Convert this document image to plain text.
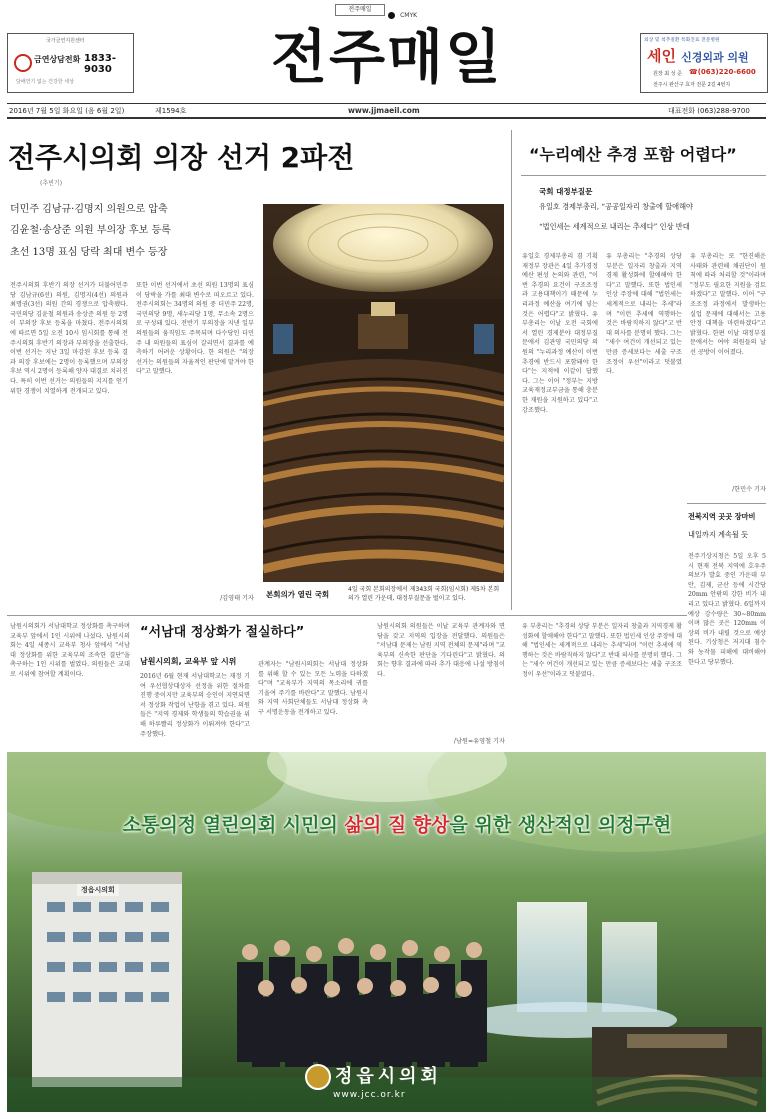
전주매일
CMYK
국가금연지원센터
금연상담전화 1833-9030
담배연기 없는 건강한 세상	전주매일	외상 및 척추질환 특화진료 전문병원
세인 신경외과 의원
원장 최 성 준 ☎(063)220-6600
전주시 완산구 효자 전문 2길 4번지
2016년 7월 5일 화요일 (음 6월 2일)	제1594호	www.jjmaeil.com	대표전화 (063)288-9700
전주시의회 의장 선거 2파전
(추빈기)
더민주 김남규·김명지 의원으로 압축
김윤철·송상준 의원 부의장 후보 등록
초선 13명 표심 당락 최대 변수 등장
전주시의회 후반기 의장 선거가 더불어민주당 김남규(6선) 의원, 김명지(4선) 의원과 최명권(3선) 의원 간의 경쟁으로 압축됐다. 국민의당 김윤철 의원과 송상준 의원 등 2명이 부의장 후보 등록을 마쳤다. 전주시의회에 따르면 5일 오전 10시 임시회를 통해 전주시의회 후반기 의장과 부의장을 선출한다. 이번 선거는 지난 3일 마감된 후보 등록 결과 의장 후보에는 2명이 등록했으며 부의장 후보 역시 2명이 등록해 양자 대결로 치러진다. 특히 이번 선거는 의원들의 지지를 얻기 위한 경쟁이 치열하게 전개되고 있다.
또한 이번 선거에서 초선 의원 13명의 표심이 당락을 가를 최대 변수로 떠오르고 있다. 전주시의회는 34명의 의원 중 더민주 22명, 국민의당 9명, 새누리당 1명, 무소속 2명으로 구성돼 있다. 전반기 부의장을 지낸 일부 의원들의 움직임도 주목되며 다수당인 더민주 내 의원들의 표심이 갈리면서 결과를 예측하기 어려운 상황이다. 한 의원은 "의장 선거는 의원들의 자율적인 판단에 맡겨야 한다"고 말했다.
/김영태 기자 본회의가 열린 국회
4일 국회 본회의장에서 제343회 국회(임시회) 제5차 본회의가 열린 가운데, 대정부질문을 벌이고 있다.
“누리예산 추경 포함 어렵다”
국회 대정부질문
유일호 경제부총리, “공공일자리 창출에 할애해야
“법인세는 세계적으로 내리는 추세다” 인상 반대
유일호 경제부총리 겸 기획재정부 장관은 4일 추가경정예산 편성 논의와 관련, "이번 추경의 요건이 구조조정과 고용대책이기 때문에 누리과정 예산을 여기에 넣는 것은 어렵다"고 밝혔다. 유 부총리는 이날 오전 국회에서 열린 경제분야 대정부질문에서 김관영 국민의당 의원의 "누리과정 예산이 이번 추경에 반드시 포함돼야 한다"는 지적에 이같이 답했다. 그는 이어 "정부는 지방교육재정교부금을 통해 충분한 재원을 지원하고 있다"고 강조했다.
유 부총리는 "추경의 상당 부분은 일자리 창출과 지역경제 활성화에 할애해야 한다"고 말했다. 또한 법인세 인상 주장에 대해 "법인세는 세계적으로 내리는 추세"라며 "이런 추세에 역행하는 것은 바람직하지 않다"고 반대 의사를 분명히 했다. 그는 "세수 여건이 개선되고 있는 만큼 증세보다는 세출 구조조정이 우선"이라고 덧붙였다.
유 부총리는 또 "한진해운 사태와 관련해 채권단이 원칙에 따라 처리할 것"이라며 "정부도 필요한 지원을 검토하겠다"고 말했다. 이어 "구조조정 과정에서 발생하는 실업 문제에 대해서는 고용 안정 대책을 마련하겠다"고 밝혔다. 한편 이날 대정부질문에서는 여야 의원들의 날 선 공방이 이어졌다.
/한민수 기자
전북지역 곳곳 장마비
내일까지 계속될 듯
전주기상지청은 5일 오후 5시 현재 전북 지역에 호우주의보가 발효 중인 가운데 부안, 김제, 군산 등에 시간당 20mm 안팎의 강한 비가 내리고 있다고 밝혔다. 6일까지 예상 강수량은 30~80mm이며 많은 곳은 120mm 이상의 비가 내릴 것으로 예상된다. 기상청은 저지대 침수와 농작물 피해에 대비해야 한다고 당부했다.
“서남대 정상화가 절실하다”
남원시의회, 교육부 앞 시위
남원시의회가 서남대학교 정상화를 촉구하며 교육부 앞에서 1인 시위에 나섰다. 남원시의회는 4일 세종시 교육부 청사 앞에서 "서남대 정상화를 위한 교육부의 조속한 결단"을 촉구하는 1인 시위를 벌였다. 의원들은 교대로 시위에 참여할 계획이다.	2016년 6월 현재 서남대학교는 재정 기여 우선협상대상자 선정을 위한 절차를 진행 중이지만 교육부의 승인이 지연되면서 정상화 작업이 난항을 겪고 있다. 의원들은 "지역 경제와 학생들의 학습권을 위해 하루빨리 정상화가 이뤄져야 한다"고 주장했다.
관계자는 "남원시의회는 서남대 정상화를 위해 할 수 있는 모든 노력을 다하겠다"며 "교육부가 지역의 목소리에 귀를 기울여 주기를 바란다"고 말했다. 남원시와 지역 사회단체들도 서남대 정상화 촉구 서명운동을 전개하고 있다.
남원시의회 의원들은 이날 교육부 관계자와 면담을 갖고 지역의 입장을 전달했다. 의원들은 "서남대 문제는 남원 지역 전체의 문제"라며 "교육부의 신속한 판단을 기다린다"고 밝혔다. 의회는 향후 결과에 따라 추가 대응에 나설 방침이다.
/남원=유영철 기자
유 부총리는 "추경의 상당 부분은 일자리 창출과 지역경제 활성화에 할애해야 한다"고 말했다. 또한 법인세 인상 주장에 대해 "법인세는 세계적으로 내리는 추세"라며 "이런 추세에 역행하는 것은 바람직하지 않다"고 반대 의사를 분명히 했다. 그는 "세수 여건이 개선되고 있는 만큼 증세보다는 세출 구조조정이 우선"이라고 덧붙였다.
소통의정 열린의회 시민의 삶의 질 향상을 위한 생산적인 의정구현
정읍시의회
정읍시의회
www.jcc.or.kr
